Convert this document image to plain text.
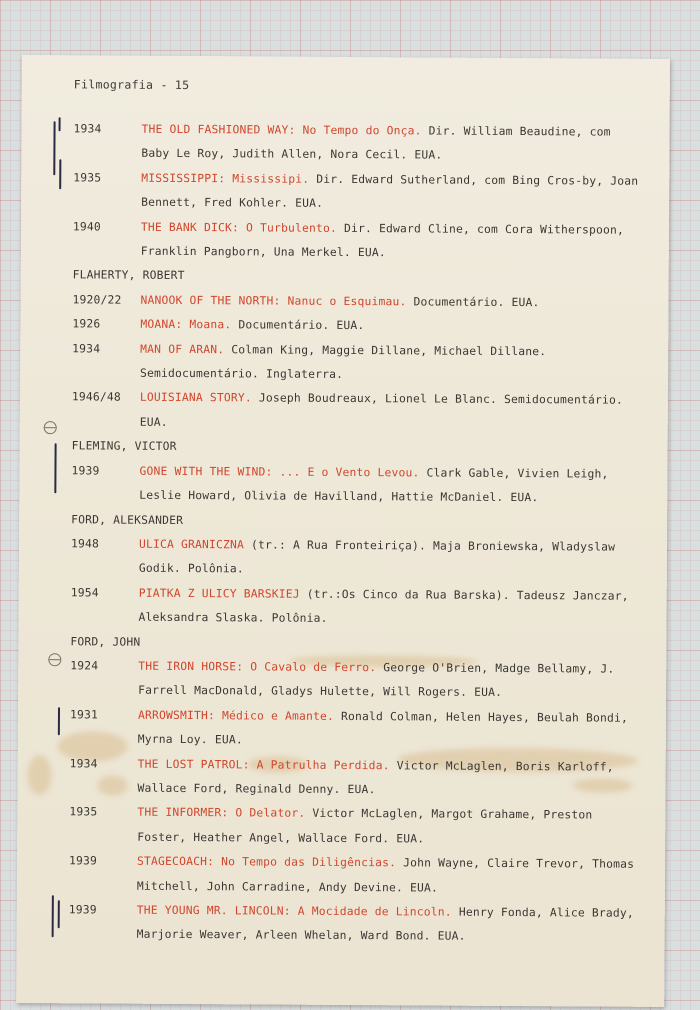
Filmografia - 15
1934	THE OLD FASHIONED WAY: No Tempo do Onça. Dir. William Beaudine, com Baby Le Roy, Judith Allen, Nora Cecil. EUA.
1935	MISSISSIPPI: Mississipi. Dir. Edward Sutherland, com Bing Cros-by, Joan Bennett, Fred Kohler. EUA.
1940	THE BANK DICK: O Turbulento. Dir. Edward Cline, com Cora Witherspoon, Franklin Pangborn, Una Merkel. EUA.
FLAHERTY, ROBERT
1920/22	NANOOK OF THE NORTH: Nanuc o Esquimau. Documentário. EUA.
1926	MOANA: Moana. Documentário. EUA.
1934	MAN OF ARAN. Colman King, Maggie Dillane, Michael Dillane. Semidocumentário. Inglaterra.
1946/48	LOUISIANA STORY. Joseph Boudreaux, Lionel Le Blanc. Semidocumentário. EUA.
FLEMING, VICTOR
1939	GONE WITH THE WIND: ... E o Vento Levou. Clark Gable, Vivien Leigh, Leslie Howard, Olivia de Havilland, Hattie McDaniel. EUA.
FORD, ALEKSANDER
1948	ULICA GRANICZNA (tr.: A Rua Fronteiriça). Maja Broniewska, Wladyslaw Godik. Polônia.
1954	PIATKA Z ULICY BARSKIEJ (tr.:Os Cinco da Rua Barska). Tadeusz Janczar, Aleksandra Slaska. Polônia.
FORD, JOHN
1924	THE IRON HORSE: O Cavalo de Ferro. George O'Brien, Madge Bellamy, J. Farrell MacDonald, Gladys Hulette, Will Rogers. EUA.
1931	ARROWSMITH: Médico e Amante. Ronald Colman, Helen Hayes, Beulah Bondi, Myrna Loy. EUA.
1934	THE LOST PATROL: A Patrulha Perdida. Victor McLaglen, Boris Karloff, Wallace Ford, Reginald Denny. EUA.
1935	THE INFORMER: O Delator. Victor McLaglen, Margot Grahame, Preston Foster, Heather Angel, Wallace Ford. EUA.
1939	STAGECOACH: No Tempo das Diligências. John Wayne, Claire Trevor, Thomas Mitchell, John Carradine, Andy Devine. EUA.
1939	THE YOUNG MR. LINCOLN: A Mocidade de Lincoln. Henry Fonda, Alice Brady, Marjorie Weaver, Arleen Whelan, Ward Bond. EUA.
